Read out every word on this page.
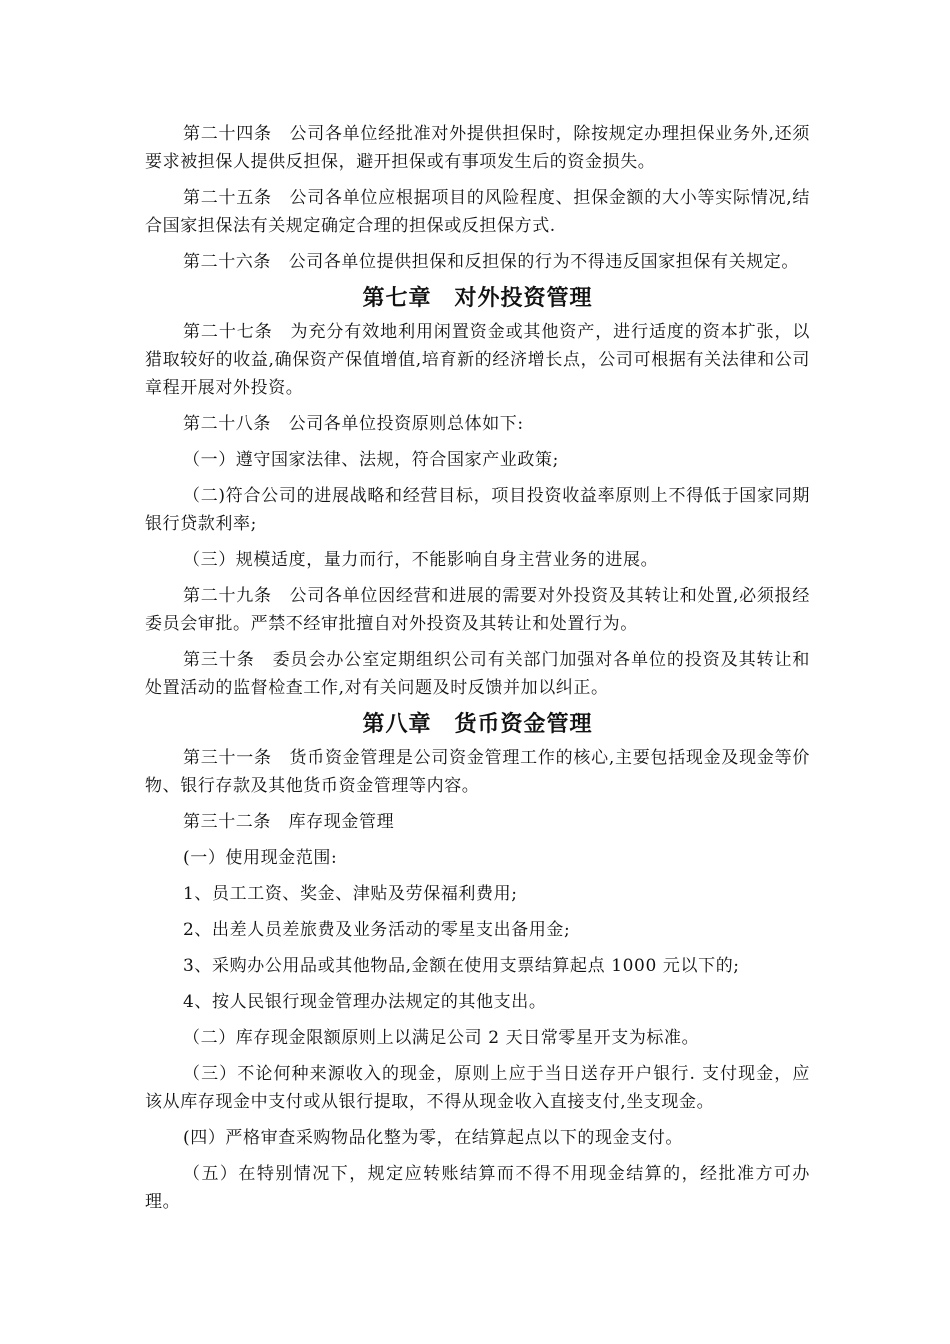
第二十四条　公司各单位经批准对外提供担保时，除按规定办理担保业务外,还须要求被担保人提供反担保，避开担保或有事项发生后的资金损失。

第二十五条　公司各单位应根据项目的风险程度、担保金额的大小等实际情况,结合国家担保法有关规定确定合理的担保或反担保方式.

第二十六条　公司各单位提供担保和反担保的行为不得违反国家担保有关规定。

第七章　对外投资管理

第二十七条　为充分有效地利用闲置资金或其他资产，进行适度的资本扩张，以猎取较好的收益,确保资产保值增值,培育新的经济增长点，公司可根据有关法律和公司章程开展对外投资。

第二十八条　公司各单位投资原则总体如下:

（一）遵守国家法律、法规，符合国家产业政策;

（二)符合公司的进展战略和经营目标，项目投资收益率原则上不得低于国家同期银行贷款利率;

（三）规模适度，量力而行，不能影响自身主营业务的进展。

第二十九条　公司各单位因经营和进展的需要对外投资及其转让和处置,必须报经委员会审批。严禁不经审批擅自对外投资及其转让和处置行为。

第三十条　委员会办公室定期组织公司有关部门加强对各单位的投资及其转让和处置活动的监督检查工作,对有关问题及时反馈并加以纠正。

第八章　货币资金管理

第三十一条　货币资金管理是公司资金管理工作的核心,主要包括现金及现金等价物、银行存款及其他货币资金管理等内容。

第三十二条　库存现金管理

(一）使用现金范围:

1、员工工资、奖金、津贴及劳保福利费用;

2、出差人员差旅费及业务活动的零星支出备用金;

3、采购办公用品或其他物品,金额在使用支票结算起点 1000 元以下的;

4、按人民银行现金管理办法规定的其他支出。

（二）库存现金限额原则上以满足公司 2 天日常零星开支为标准。

（三）不论何种来源收入的现金，原则上应于当日送存开户银行. 支付现金，应该从库存现金中支付或从银行提取，不得从现金收入直接支付,坐支现金。

(四）严格审查采购物品化整为零，在结算起点以下的现金支付。

（五）在特别情况下，规定应转账结算而不得不用现金结算的，经批准方可办理。
